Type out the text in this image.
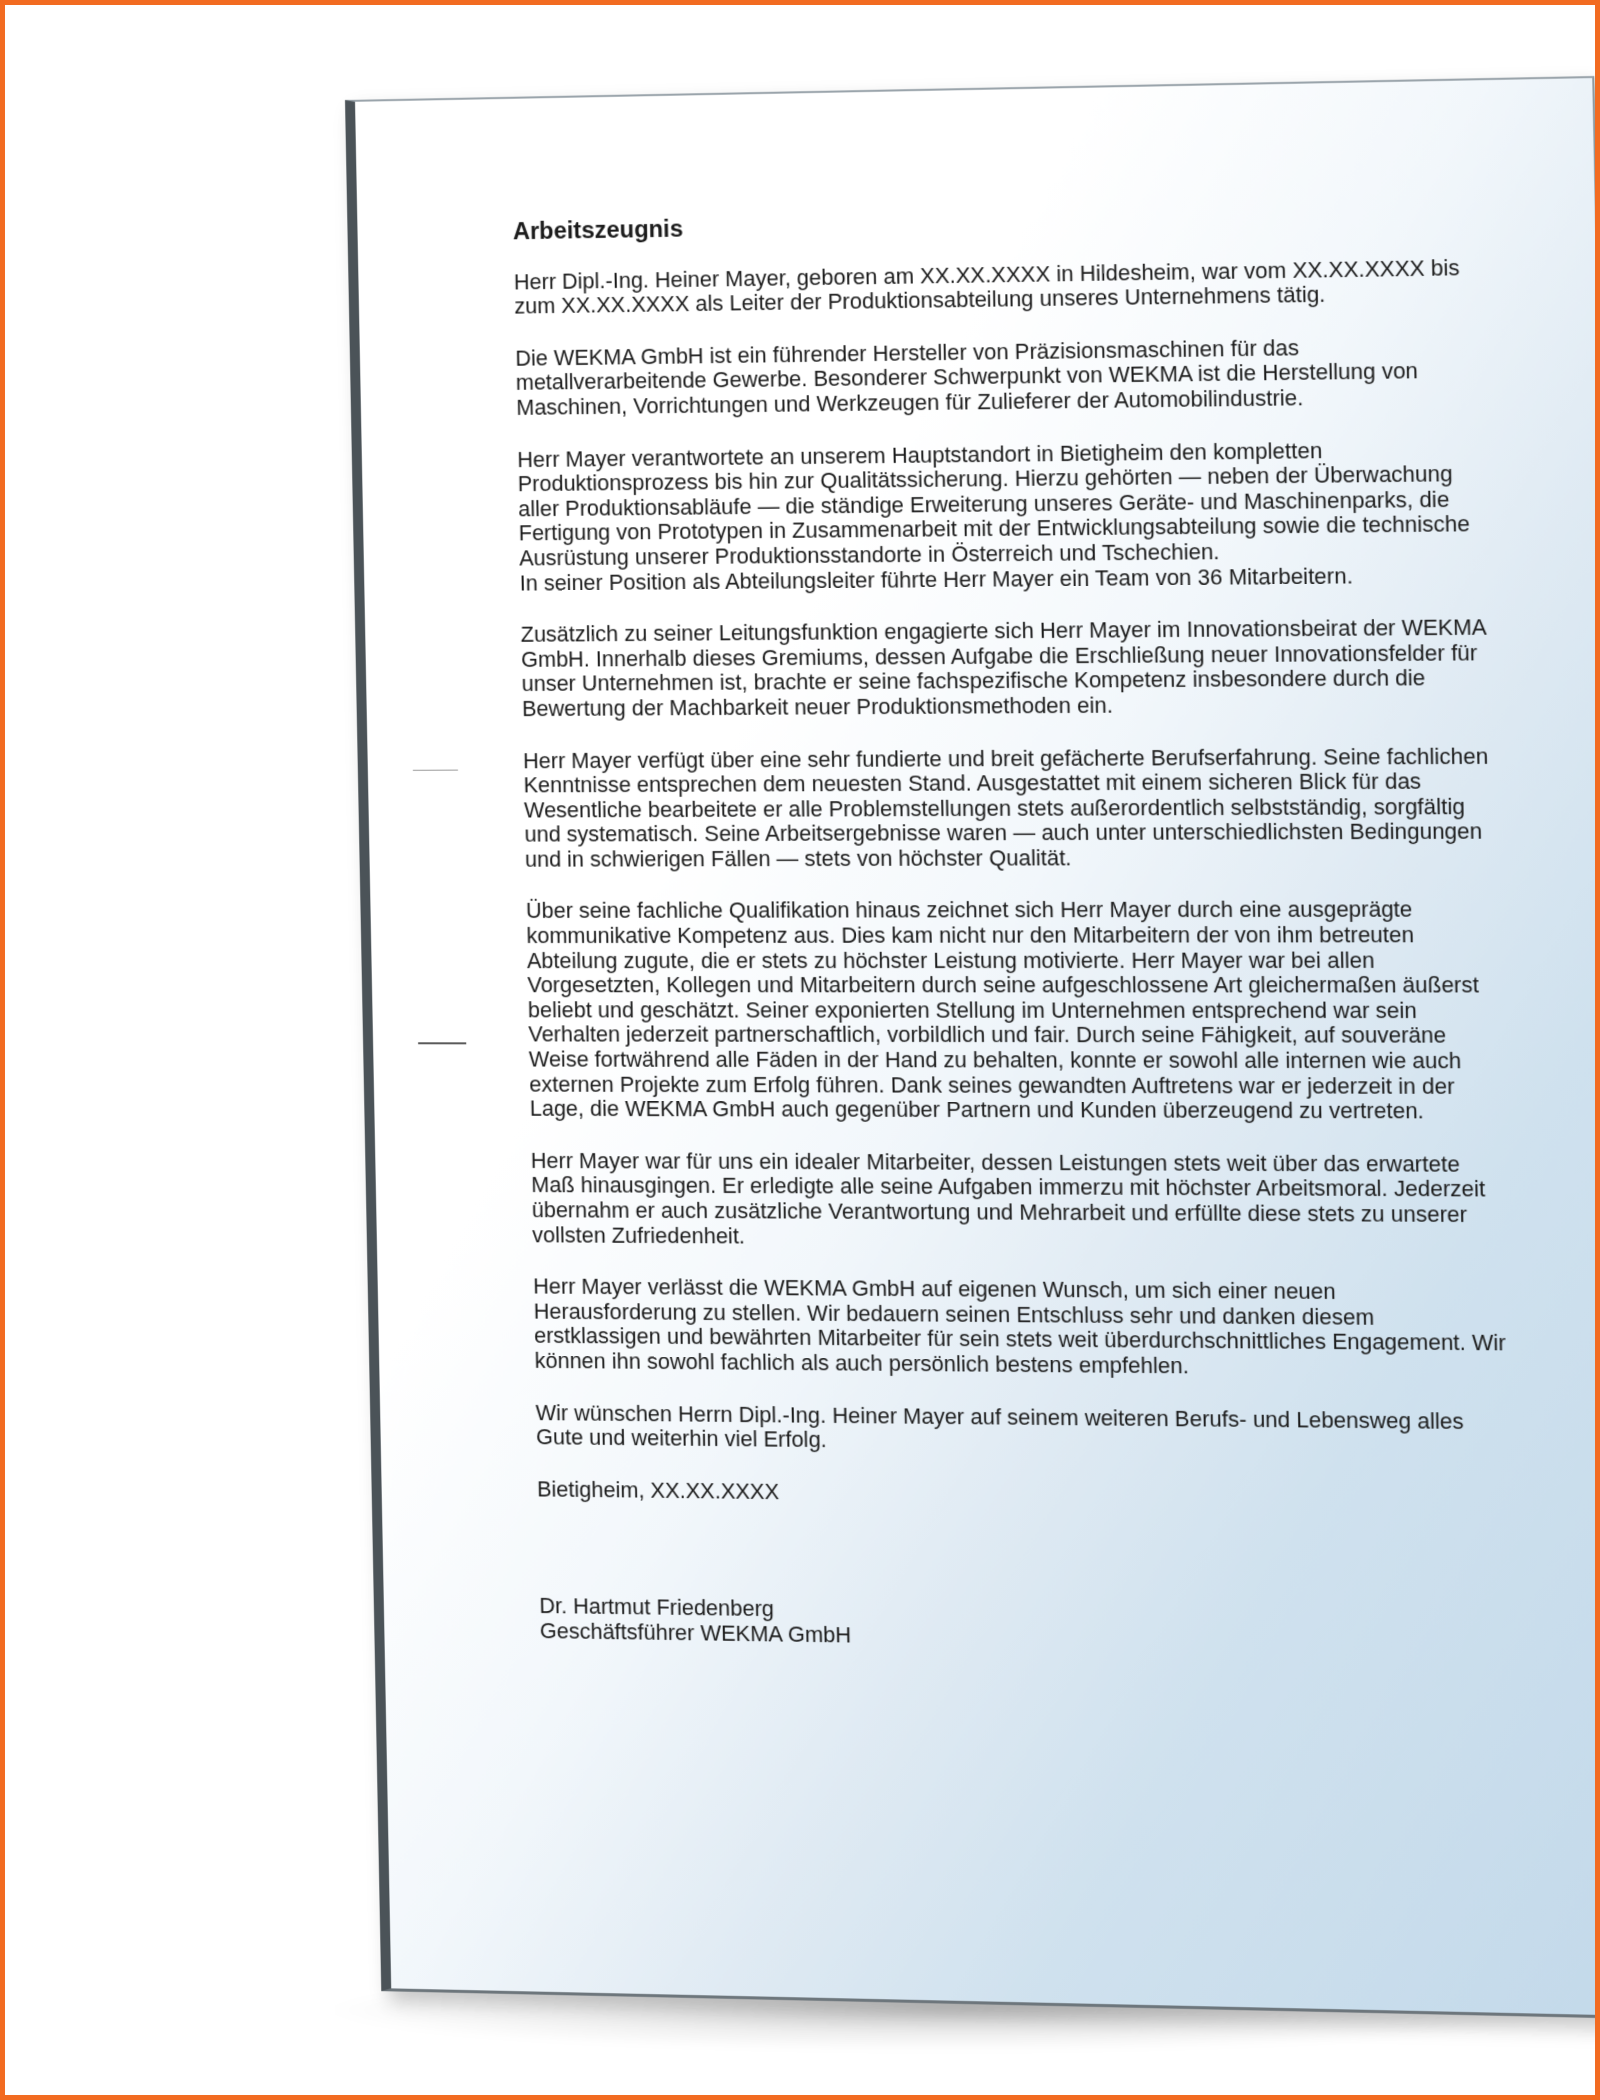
Arbeitszeugnis

Herr Dipl.-Ing. Heiner Mayer, geboren am XX.XX.XXXX in Hildesheim, war vom XX.XX.XXXX bis zum XX.XX.XXXX als Leiter der Produktionsabteilung unseres Unternehmens tätig.

Die WEKMA GmbH ist ein führender Hersteller von Präzisionsmaschinen für das metallverarbeitende Gewerbe. Besonderer Schwerpunkt von WEKMA ist die Herstellung von Maschinen, Vorrichtungen und Werkzeugen für Zulieferer der Automobilindustrie.

Herr Mayer verantwortete an unserem Hauptstandort in Bietigheim den kompletten Produktionsprozess bis hin zur Qualitätssicherung. Hierzu gehörten — neben der Überwachung aller Produktionsabläufe — die ständige Erweiterung unseres Geräte- und Maschinenparks, die Fertigung von Prototypen in Zusammenarbeit mit der Entwicklungsabteilung sowie die technische Ausrüstung unserer Produktionsstandorte in Österreich und Tschechien.

In seiner Position als Abteilungsleiter führte Herr Mayer ein Team von 36 Mitarbeitern.

Zusätzlich zu seiner Leitungsfunktion engagierte sich Herr Mayer im Innovationsbeirat der WEKMA GmbH. Innerhalb dieses Gremiums, dessen Aufgabe die Erschließung neuer Innovationsfelder für unser Unternehmen ist, brachte er seine fachspezifische Kompetenz insbesondere durch die Bewertung der Machbarkeit neuer Produktionsmethoden ein.

Herr Mayer verfügt über eine sehr fundierte und breit gefächerte Berufserfahrung. Seine fachlichen Kenntnisse entsprechen dem neuesten Stand. Ausgestattet mit einem sicheren Blick für das Wesentliche bearbeitete er alle Problemstellungen stets außerordentlich selbstständig, sorgfältig und systematisch. Seine Arbeitsergebnisse waren — auch unter unterschiedlichsten Bedingungen und in schwierigen Fällen — stets von höchster Qualität.

Über seine fachliche Qualifikation hinaus zeichnet sich Herr Mayer durch eine ausgeprägte kommunikative Kompetenz aus. Dies kam nicht nur den Mitarbeitern der von ihm betreuten Abteilung zugute, die er stets zu höchster Leistung motivierte. Herr Mayer war bei allen Vorgesetzten, Kollegen und Mitarbeitern durch seine aufgeschlossene Art gleichermaßen äußerst beliebt und geschätzt. Seiner exponierten Stellung im Unternehmen entsprechend war sein Verhalten jederzeit partnerschaftlich, vorbildlich und fair. Durch seine Fähigkeit, auf souveräne Weise fortwährend alle Fäden in der Hand zu behalten, konnte er sowohl alle internen wie auch externen Projekte zum Erfolg führen. Dank seines gewandten Auftretens war er jederzeit in der Lage, die WEKMA GmbH auch gegenüber Partnern und Kunden überzeugend zu vertreten.

Herr Mayer war für uns ein idealer Mitarbeiter, dessen Leistungen stets weit über das erwartete Maß hinausgingen. Er erledigte alle seine Aufgaben immerzu mit höchster Arbeitsmoral. Jederzeit übernahm er auch zusätzliche Verantwortung und Mehrarbeit und erfüllte diese stets zu unserer vollsten Zufriedenheit.

Herr Mayer verlässt die WEKMA GmbH auf eigenen Wunsch, um sich einer neuen Herausforderung zu stellen. Wir bedauern seinen Entschluss sehr und danken diesem erstklassigen und bewährten Mitarbeiter für sein stets weit überdurchschnittliches Engagement. Wir können ihn sowohl fachlich als auch persönlich bestens empfehlen.

Wir wünschen Herrn Dipl.-Ing. Heiner Mayer auf seinem weiteren Berufs- und Lebensweg alles Gute und weiterhin viel Erfolg.

Bietigheim, XX.XX.XXXX
Dr. Hartmut Friedenberg
Geschäftsführer WEKMA GmbH
